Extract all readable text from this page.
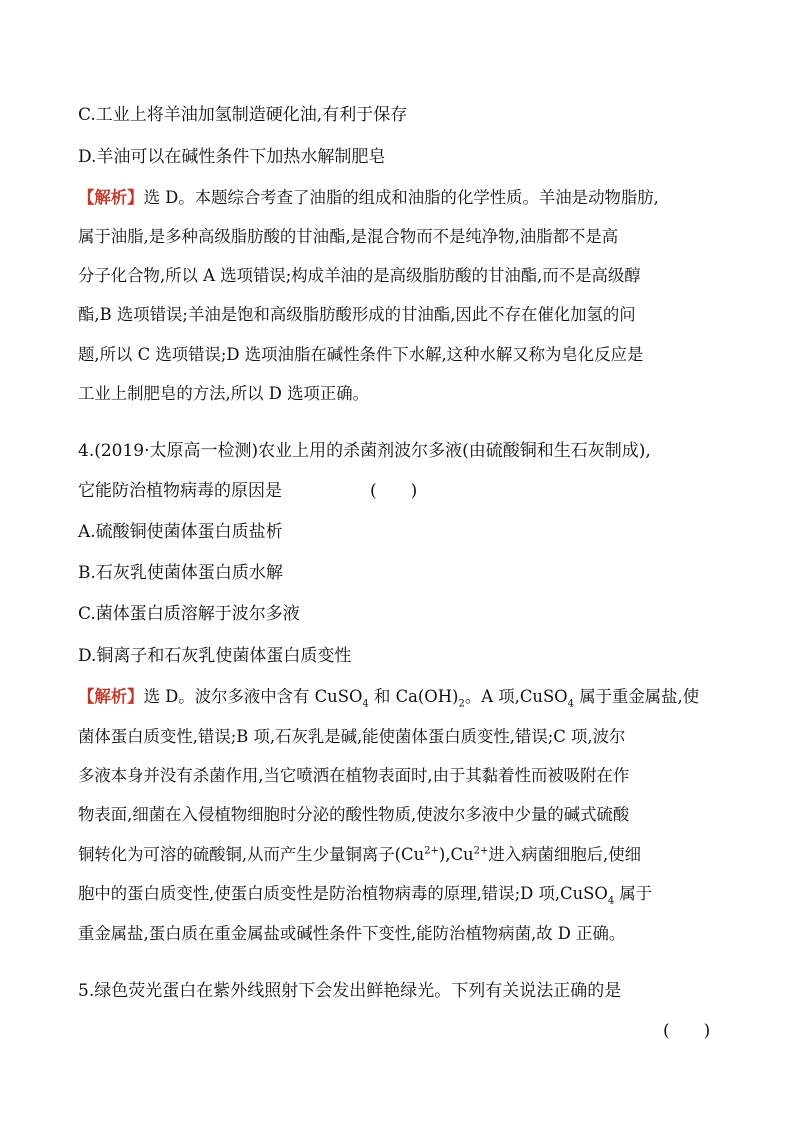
C.工业上将羊油加氢制造硬化油,有利于保存
D.羊油可以在碱性条件下加热水解制肥皂
【解析】选 D。本题综合考查了油脂的组成和油脂的化学性质。羊油是动物脂肪,
属于油脂,是多种高级脂肪酸的甘油酯,是混合物而不是纯净物,油脂都不是高
分子化合物,所以 A 选项错误;构成羊油的是高级脂肪酸的甘油酯,而不是高级醇
酯,B 选项错误;羊油是饱和高级脂肪酸形成的甘油酯,因此不存在催化加氢的问
题,所以 C 选项错误;D 选项油脂在碱性条件下水解,这种水解又称为皂化反应是
工业上制肥皂的方法,所以 D 选项正确。
4.(2019·太原高一检测)农业上用的杀菌剂波尔多液(由硫酸铜和生石灰制成),
它能防治植物病毒的原因是	(　　)
A.硫酸铜使菌体蛋白质盐析
B.石灰乳使菌体蛋白质水解
C.菌体蛋白质溶解于波尔多液
D.铜离子和石灰乳使菌体蛋白质变性
【解析】选 D。波尔多液中含有 CuSO$_4$ 和 $Ca(OH)_2$。A 项,CuSO$_4$ 属于重金属盐,使
菌体蛋白质变性,错误;B 项,石灰乳是碱,能使菌体蛋白质变性,错误;C 项,波尔
多液本身并没有杀菌作用,当它喷洒在植物表面时,由于其黏着性而被吸附在作
物表面,细菌在入侵植物细胞时分泌的酸性物质,使波尔多液中少量的碱式硫酸
铜转化为可溶的硫酸铜,从而产生少量铜离子$(Cu^{2+}),Cu^{2+}$进入病菌细胞后,使细
胞中的蛋白质变性,使蛋白质变性是防治植物病毒的原理,错误;D 项,CuSO$_4$ 属于
重金属盐,蛋白质在重金属盐或碱性条件下变性,能防治植物病菌,故 D 正确。
5.绿色荧光蛋白在紫外线照射下会发出鲜艳绿光。下列有关说法正确的是
(　　)
